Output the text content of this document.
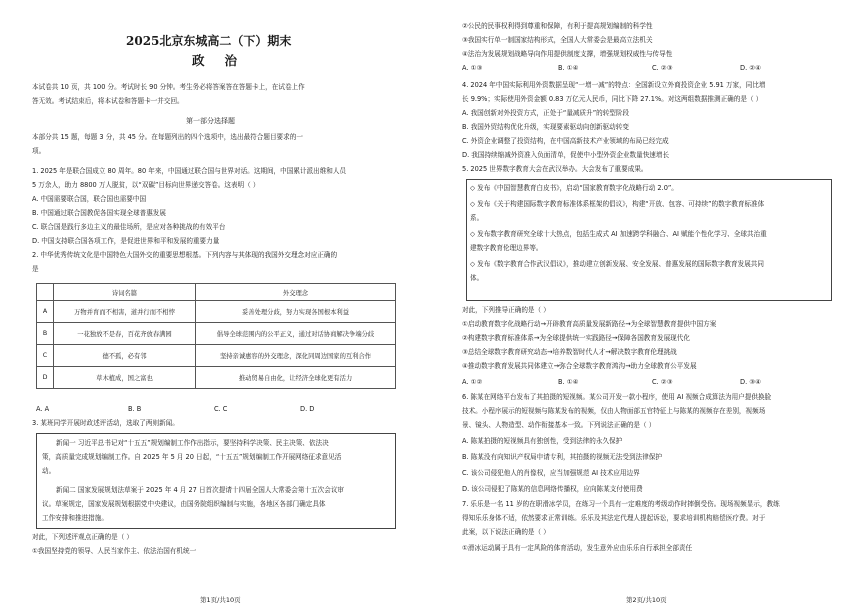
2025北京东城高二（下）期末
政治
本试卷共 10 页，共 100 分。考试时长 90 分钟。考生务必将答案答在答题卡上，在试卷上作
答无效。考试结束后，将本试卷和答题卡一并交回。
第一部分选择题
本部分共 15 题，每题 3 分，共 45 分。在每题列出的四个选项中，选出最符合题目要求的一
项。
1. 2025 年是联合国成立 80 周年。80 年来，中国通过联合国与世界对话。这期间，中国累计派出维和人员
5 万余人，助力 8800 万人脱贫，以“双碳”目标向世界递交答卷。这表明（ ）
A. 中国需要联合国，联合国也需要中国
B. 中国通过联合国教促各国实现全球普惠发展
C. 联合国是践行多边主义的最佳场所，是应对各种挑战的有效平台
D. 中国支持联合国各项工作，是促进世界和平和发展的重要力量
2. 中华优秀传统文化是中国特色大国外交的重要思想根基。下列内容与其体现的我国外交理念对应正确的
是
	诗词名篇	外交理念
A	万物并育而不相害，道并行而不相悖	妥善处理分歧，努力实现各国根本利益
B	一花独放不是春，百花齐放春满园	倡导全球范围内的公平正义，通过对话协商解决争端分歧
C	德不孤，必有邻	坚持亲诚惠容的外交理念，深化同周边国家的互利合作
D	草木植成，国之富也	推动贸易自由化，让经济全球化更有活力
A. A	B. B	C. C	D. D
3. 某班同学开展时政述评活动，选取了两则新闻。
新闻一 习近平总书记对“十五五”规划编制工作作出指示，要坚持科学决策、民主决策、依法决
策，高质量完成规划编制工作。自 2025 年 5 月 20 日起，“十五五”规划编制工作开展网络征求意见活
动。
新闻二 国家发展规划法草案于 2025 年 4 月 27 日首次提请十四届全国人大常委会第十五次会议审
议。草案规定，国家发展规划根据党中央建议，由国务院组织编制与实施，各地区各部门确定具体
工作安排和推进措施。
对此，下列述评观点正确的是（ ）
①我国坚持党的领导、人民当家作主、依法治国有机统一
第1页/共10页
②公民的民事权利得到尊重和保障，有利于提高规划编制的科学性
③我国实行单一制国家结构形式，全国人大常委会是最高立法机关
④法治为发展规划战略导向作用提供制度支撑，增强规划权威性与传导性
A. ①③	B. ①④	C. ②③	D. ②④
4. 2024 年中国实际利用外资数据呈现“一增一减”的特点：全国新设立外商投资企业 5.91 万家，同比增
长 9.9%；实际使用外资金额 0.83 万亿元人民币，同比下降 27.1%。对这两组数据推测正确的是（ ）
A. 我国创新对外投资方式，正处于“量减质升”的转型阶段
B. 我国外贸结构优化升级，实现要素驱动向创新驱动转变
C. 外资企业调整了投资结构，在中国高新技术产业领域的布局已经完成
D. 我国持续缩减外资准入负面清单，促使中小型外资企业数量快速增长
5. 2025 世界数字教育大会在武汉举办。大会发布了重要成果。
◇ 发布《中国智慧教育白皮书》，启动“国家教育数字化战略行动 2.0”。
◇ 发布《关于构建国际数字教育标准体系框架的倡议》，构建“开放、包容、可持续”的数字教育标准体
系。
◇ 发布数字教育研究全球十大热点，包括生成式 AI 加速跨学科融合、AI 赋能个性化学习、全球共治重
建数字教育伦理边界等。
◇ 发布《数字教育合作武汉倡议》，推动建立创新发展、安全发展、普惠发展的国际数字教育发展共同
体。
对此，下列推导正确的是（ ）
①启动教育数字化战略行动→开辟教育高质量发展新路径→为全球智慧教育提供中国方案
②构建数字教育标准体系→为全球提供统一实践路径→保障各国教育发展现代化
③总结全球数字教育研究动态→培养数智时代人才→解决数字教育伦理挑战
④推动数字教育发展共同体建立→弥合全球数字教育鸿沟→助力全球教育公平发展
A. ①②	B. ①④	C. ②③	D. ③④
6. 陈某在网络平台发布了其拍摄的短视频。某公司开发一款小程序，使用 AI 视频合成算法为用户提供换脸
技术。小程序展示的短视频与陈某发布的视频，仅由人物面部五官特征上与陈某的视频存在差别，视频场
景、镜头、人物造型、动作衔接基本一致。下列说法正确的是（ ）
A. 陈某拍摄的短视频具有独创性，受到法律的永久保护
B. 陈某没有向知识产权局申请专利，其拍摄的视频无法受到法律保护
C. 该公司侵犯他人的肖像权，应当加强规范 AI 技术应用边界
D. 该公司侵犯了陈某的信息网络传播权，应向陈某支付使用费
7. 乐乐是一名 11 岁的在职滑冰学员，在练习一个具有一定难度的考级动作时摔倒受伤。现场视频显示，教练
得知乐乐身体不适，依然要求正常训练。乐乐及其法定代理人提起诉讼，要求培训机构赔偿医疗费。对于
此案，以下说法正确的是（ ）
①滑冰运动属于具有一定风险的体育活动，发生意外应由乐乐自行承担全部责任
第2页/共10页
